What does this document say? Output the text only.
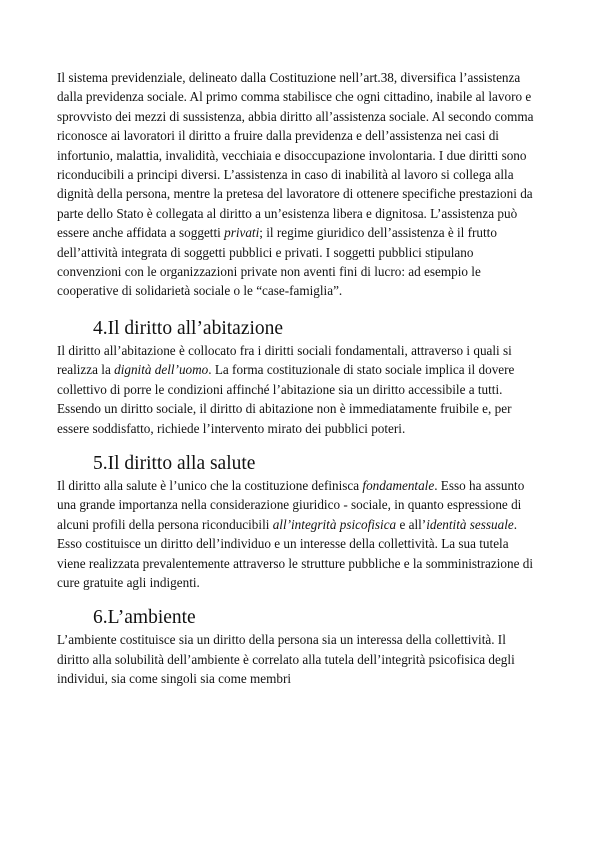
Il sistema previdenziale, delineato dalla Costituzione nell’art.38, diversifica l’assistenza dalla previdenza sociale. Al primo comma stabilisce che ogni cittadino, inabile al lavoro e sprovvisto dei mezzi di sussistenza, abbia diritto all’assistenza sociale. Al secondo comma riconosce ai lavoratori il diritto a fruire dalla previdenza e dell’assistenza nei casi di infortunio, malattia, invalidità, vecchiaia e disoccupazione involontaria. I due diritti sono riconducibili a principi diversi. L’assistenza in caso di inabilità al lavoro si collega alla dignità della persona, mentre la pretesa del lavoratore di ottenere specifiche prestazioni da parte dello Stato è collegata al diritto a un’esistenza libera e dignitosa. L’assistenza può essere anche affidata a soggetti privati; il regime giuridico dell’assistenza è il frutto dell’attività integrata di soggetti pubblici e privati. I soggetti pubblici stipulano convenzioni con le organizzazioni private non aventi fini di lucro: ad esempio le cooperative di solidarietà sociale o le “case-famiglia”.

4.Il diritto all’abitazione

Il diritto all’abitazione è collocato fra i diritti sociali fondamentali, attraverso i quali si realizza la dignità dell’uomo. La forma costituzionale di stato sociale implica il dovere collettivo di porre le condizioni affinché l’abitazione sia un diritto accessibile a tutti. Essendo un diritto sociale, il diritto di abitazione non è immediatamente fruibile e, per essere soddisfatto, richiede l’intervento mirato dei pubblici poteri.

5.Il diritto alla salute

Il diritto alla salute è l’unico che la costituzione definisca fondamentale. Esso ha assunto una grande importanza nella considerazione giuridico - sociale, in quanto espressione di alcuni profili della persona riconducibili all’integrità psicofisica e all’identità sessuale. Esso costituisce un diritto dell’individuo e un interesse della collettività. La sua tutela viene realizzata prevalentemente attraverso le strutture pubbliche e la somministrazione di cure gratuite agli indigenti.

6.L’ambiente

L’ambiente costituisce sia un diritto della persona sia un interessa della collettività. Il diritto alla solubilità dell’ambiente è correlato alla tutela dell’integrità psicofisica degli individui, sia come singoli sia come membri
